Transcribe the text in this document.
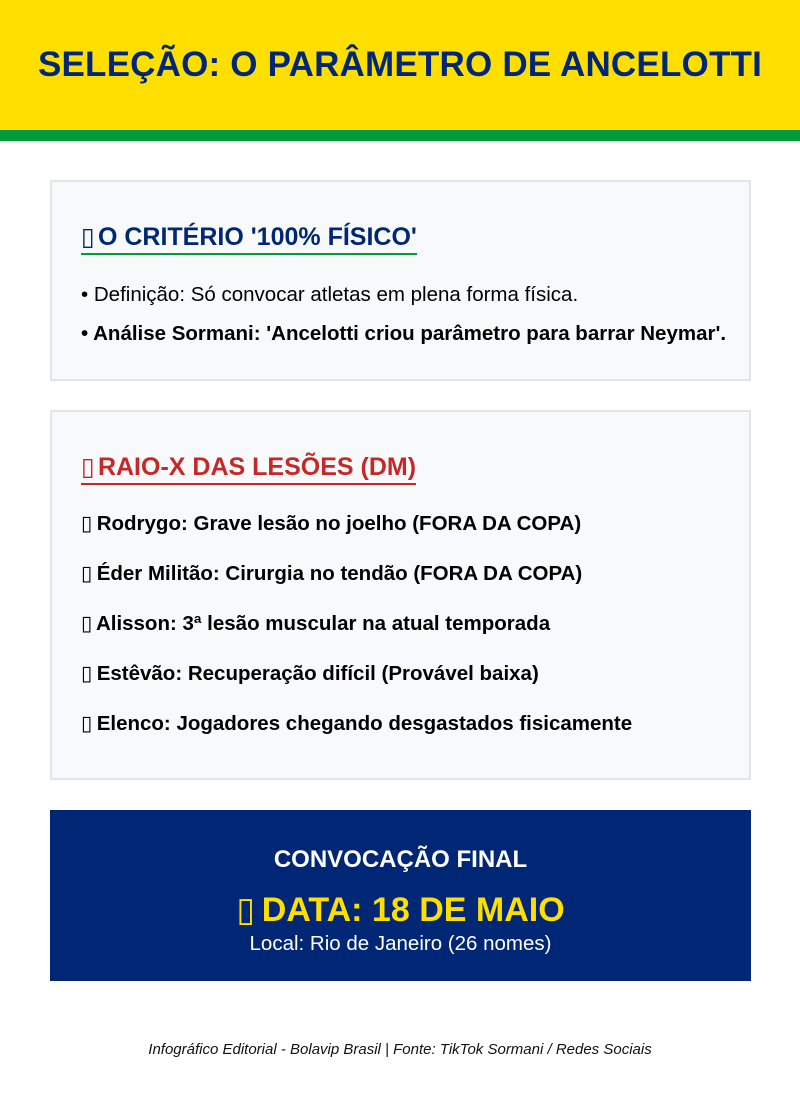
SELEÇÃO: O PARÂMETRO DE ANCELOTTI
▯ O CRITÉRIO '100% FÍSICO'
• Definição: Só convocar atletas em plena forma física.
• Análise Sormani: 'Ancelotti criou parâmetro para barrar Neymar'.
▯ RAIO-X DAS LESÕES (DM)
▯ Rodrygo: Grave lesão no joelho (FORA DA COPA)
▯ Éder Militão: Cirurgia no tendão (FORA DA COPA)
▯ Alisson: 3ª lesão muscular na atual temporada
▯ Estêvão: Recuperação difícil (Provável baixa)
▯ Elenco: Jogadores chegando desgastados fisicamente
CONVOCAÇÃO FINAL
▯ DATA: 18 DE MAIO
Local: Rio de Janeiro (26 nomes)
Infográfico Editorial - Bolavip Brasil | Fonte: TikTok Sormani / Redes Sociais
